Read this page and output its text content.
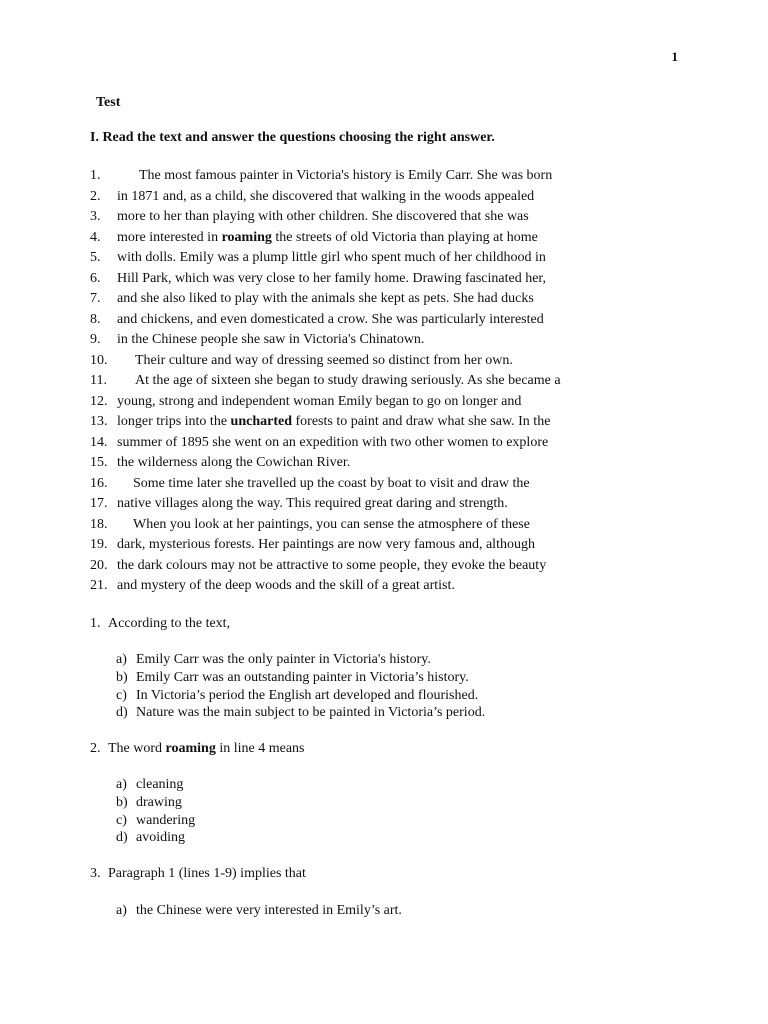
1
Test
I. Read the text and answer the questions choosing the right answer.
1.	The most famous painter in Victoria's history is Emily Carr. She was born
2.	in 1871 and, as a child, she discovered that walking in the woods appealed
3.	more to her than playing with other children. She discovered that she was
4.	more interested in roaming the streets of old Victoria than playing at home
5.	with dolls. Emily was a plump little girl who spent much of her childhood in
6.	Hill Park, which was very close to her family home. Drawing fascinated her,
7.	and she also liked to play with the animals she kept as pets. She had ducks
8.	and chickens, and even domesticated a crow. She was particularly interested
9.	in the Chinese people she saw in Victoria's Chinatown.
10.	Their culture and way of dressing seemed so distinct from her own.
11.	At the age of sixteen she began to study drawing seriously. As she became a
12. young, strong and independent woman Emily began to go on longer and
13. longer trips into the uncharted forests to paint and draw what she saw. In the
14. summer of 1895 she went on an expedition with two other women to explore
15. the wilderness along the Cowichan River.
16.	Some time later she travelled up the coast by boat to visit and draw the
17. native villages along the way. This required great daring and strength.
18.	When you look at her paintings, you can sense the atmosphere of these
19. dark, mysterious forests. Her paintings are now very famous and, although
20. the dark colours may not be attractive to some people, they evoke the beauty
21. and mystery of the deep woods and the skill of a great artist.
1. According to the text,
a) Emily Carr was the only painter in Victoria's history.
b) Emily Carr was an outstanding painter in Victoria’s history.
c) In Victoria’s period the English art developed and flourished.
d) Nature was the main subject to be painted in Victoria’s period.
2. The word roaming in line 4 means
a) cleaning
b) drawing
c) wandering
d) avoiding
3. Paragraph 1 (lines 1-9) implies that
a) the Chinese were very interested in Emily’s art.
